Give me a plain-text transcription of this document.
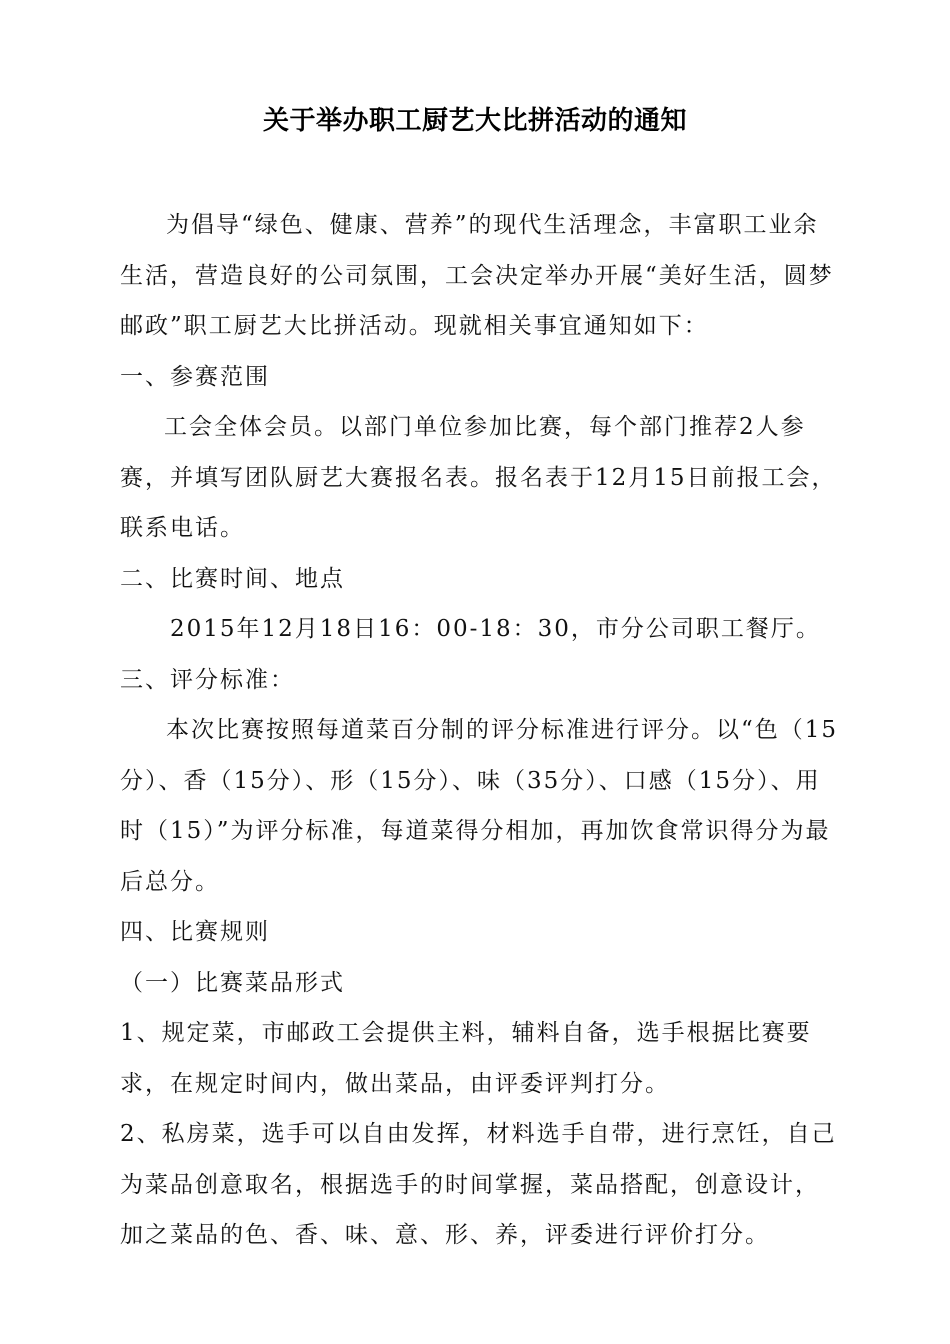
关于举办职工厨艺大比拼活动的通知

为倡导“绿色、健康、营养”的现代生活理念，丰富职工业余生活，营造良好的公司氛围，工会决定举办开展“美好生活，圆梦邮政”职工厨艺大比拼活动。现就相关事宜通知如下：

一、参赛范围

工会全体会员。以部门单位参加比赛，每个部门推荐2人参赛，并填写团队厨艺大赛报名表。报名表于12月15日前报工会，联系电话。

二、比赛时间、地点

2015年12月18日16：00-18：30，市分公司职工餐厅。

三、评分标准：

本次比赛按照每道菜百分制的评分标准进行评分。以“色（15分）、香（15分）、形（15分）、味（35分）、口感（15分）、用时（15）”为评分标准，每道菜得分相加，再加饮食常识得分为最后总分。

四、比赛规则

（一）比赛菜品形式

1、规定菜，市邮政工会提供主料，辅料自备，选手根据比赛要求，在规定时间内，做出菜品，由评委评判打分。

2、私房菜，选手可以自由发挥，材料选手自带，进行烹饪，自己为菜品创意取名，根据选手的时间掌握，菜品搭配，创意设计，加之菜品的色、香、味、意、形、养，评委进行评价打分。
